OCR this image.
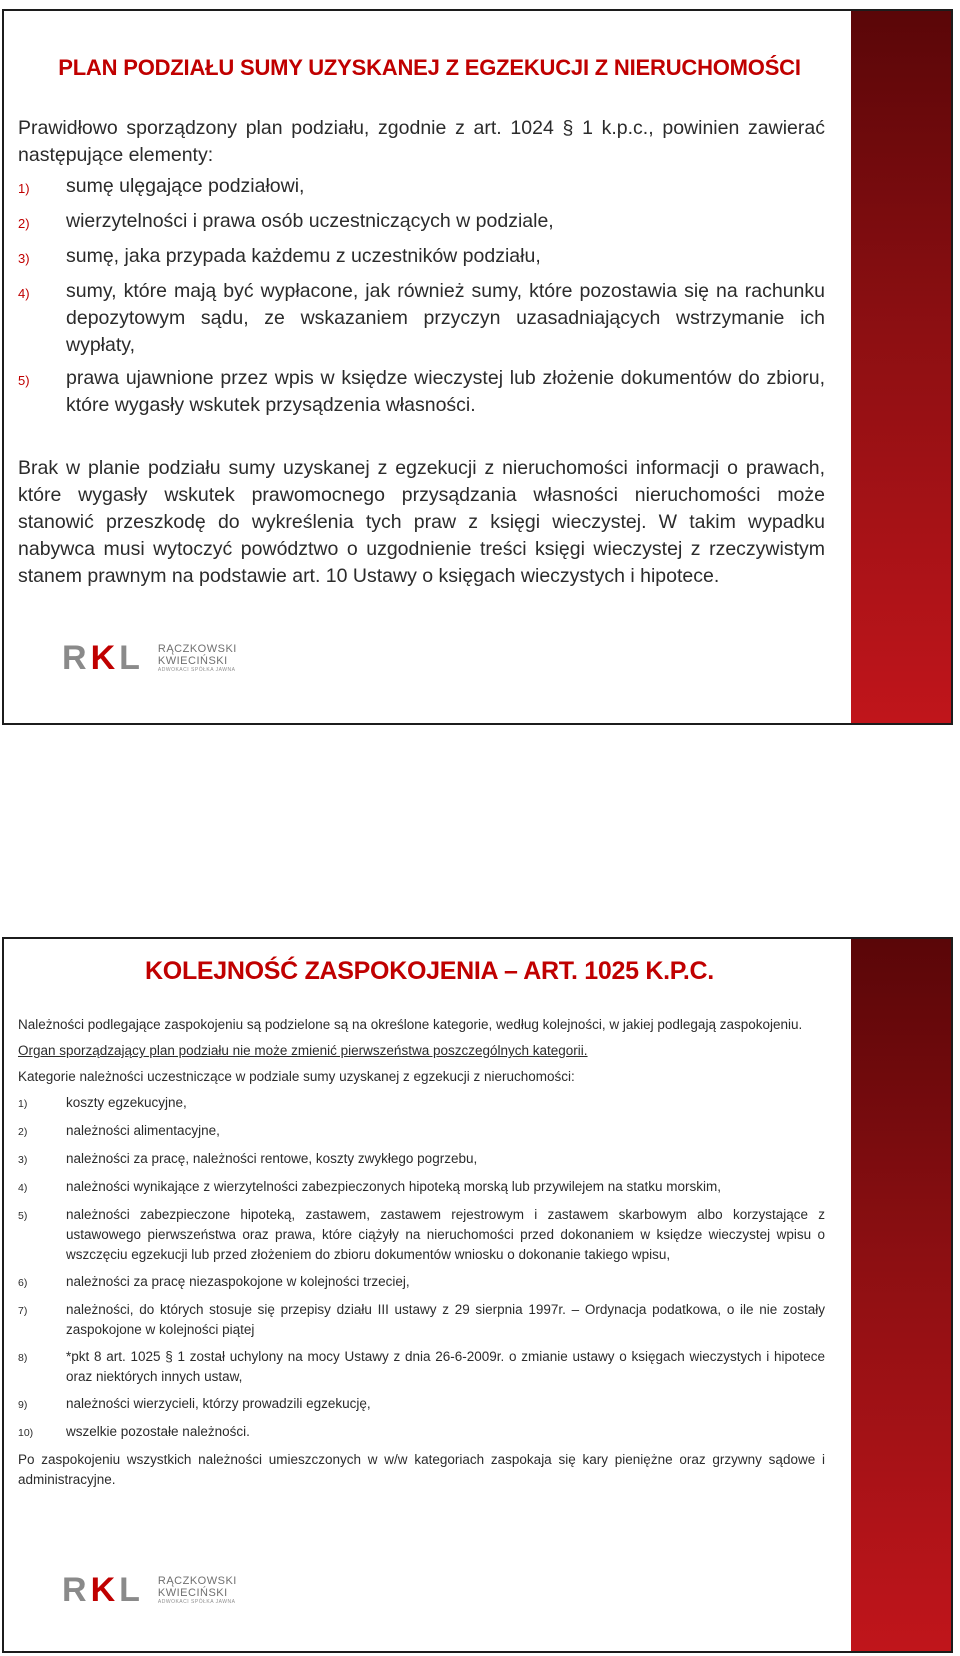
PLAN PODZIAŁU SUMY UZYSKANEJ Z EGZEKUCJI Z NIERUCHOMOŚCI

Prawidłowo sporządzony plan podziału, zgodnie z art. 1024 § 1 k.p.c., powinien zawierać następujące elementy:

1)	sumę ulęgające podziałowi,
2)	wierzytelności i prawa osób uczestniczących w podziale,
3)	sumę, jaka przypada każdemu z uczestników podziału,
4)	sumy, które mają być wypłacone, jak również sumy, które pozostawia się na rachunku depozytowym sądu, ze wskazaniem przyczyn uzasadniających wstrzymanie ich wypłaty,
5)	prawa ujawnione przez wpis w księdze wieczystej lub złożenie dokumentów do zbioru, które wygasły wskutek przysądzenia własności.

Brak w planie podziału sumy uzyskanej z egzekucji z nieruchomości informacji o prawach, które wygasły wskutek prawomocnego przysądzania własności nieruchomości może stanowić przeszkodę do wykreślenia tych praw z księgi wieczystej. W takim wypadku nabywca musi wytoczyć powództwo o uzgodnienie treści księgi wieczystej z rzeczywistym stanem prawnym na podstawie art. 10 Ustawy o księgach wieczystych i hipotece.

RKL RĄCZKOWSKI
KWIECIŃSKI
ADWOKACI SPÓŁKA JAWNA
KOLEJNOŚĆ ZASPOKOJENIA – ART. 1025 K.P.C.

Należności podlegające zaspokojeniu są podzielone są na określone kategorie, według kolejności, w jakiej podlegają zaspokojeniu.

Organ sporządzający plan podziału nie może zmienić pierwszeństwa poszczególnych kategorii.

Kategorie należności uczestniczące w podziale sumy uzyskanej z egzekucji z nieruchomości:

1)	koszty egzekucyjne,
2)	należności alimentacyjne,
3)	należności za pracę, należności rentowe, koszty zwykłego pogrzebu,
4)	należności wynikające z wierzytelności zabezpieczonych hipoteką morską lub przywilejem na statku morskim,
5)	należności zabezpieczone hipoteką, zastawem, zastawem rejestrowym i zastawem skarbowym albo korzystające z ustawowego pierwszeństwa oraz prawa, które ciążyły na nieruchomości przed dokonaniem w księdze wieczystej wpisu o wszczęciu egzekucji lub przed złożeniem do zbioru dokumentów wniosku o dokonanie takiego wpisu,
6)	należności za pracę niezaspokojone w kolejności trzeciej,
7)	należności, do których stosuje się przepisy działu III ustawy z 29 sierpnia 1997r. – Ordynacja podatkowa, o ile nie zostały zaspokojone w kolejności piątej
8)	*pkt 8 art. 1025 § 1 został uchylony na mocy Ustawy z dnia 26-6-2009r. o zmianie ustawy o księgach wieczystych i hipotece oraz niektórych innych ustaw,
9)	należności wierzycieli, którzy prowadzili egzekucję,
10)	wszelkie pozostałe należności.

Po zaspokojeniu wszystkich należności umieszczonych w w/w kategoriach zaspokaja się kary pieniężne oraz grzywny sądowe i administracyjne.

RKL RĄCZKOWSKI
KWIECIŃSKI
ADWOKACI SPÓŁKA JAWNA
